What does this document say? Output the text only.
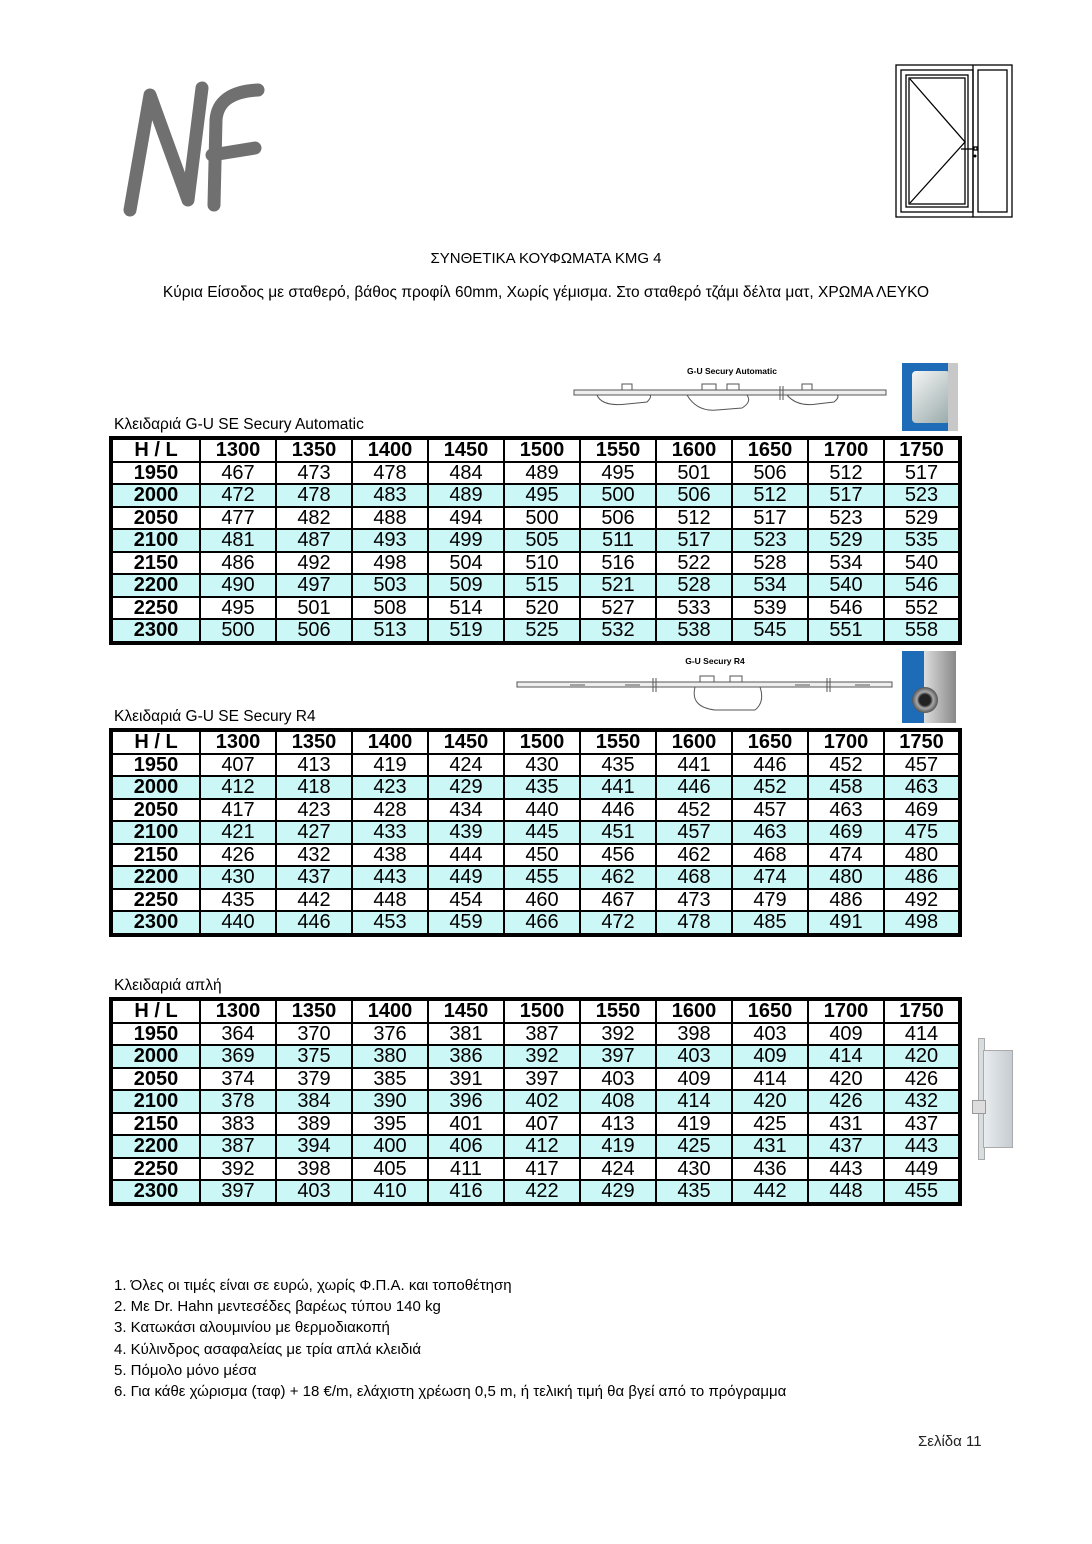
ΣΥΝΘΕΤΙΚΑ ΚΟΥΦΩΜΑΤΑ KMG 4
Κύρια Είσοδος με σταθερό, βάθος προφίλ 60mm, Χωρίς γέμισμα. Στο σταθερό τζάμι δέλτα ματ, ΧΡΩΜΑ ΛΕΥΚΟ
G-U Secury Automatic
Κλειδαριά G-U SE Secury Automatic
H / L	1300	1350	1400	1450	1500	1550	1600	1650	1700	1750
1950	467	473	478	484	489	495	501	506	512	517
2000	472	478	483	489	495	500	506	512	517	523
2050	477	482	488	494	500	506	512	517	523	529
2100	481	487	493	499	505	511	517	523	529	535
2150	486	492	498	504	510	516	522	528	534	540
2200	490	497	503	509	515	521	528	534	540	546
2250	495	501	508	514	520	527	533	539	546	552
2300	500	506	513	519	525	532	538	545	551	558
G-U Secury R4
Κλειδαριά G-U SE Secury R4
H / L	1300	1350	1400	1450	1500	1550	1600	1650	1700	1750
1950	407	413	419	424	430	435	441	446	452	457
2000	412	418	423	429	435	441	446	452	458	463
2050	417	423	428	434	440	446	452	457	463	469
2100	421	427	433	439	445	451	457	463	469	475
2150	426	432	438	444	450	456	462	468	474	480
2200	430	437	443	449	455	462	468	474	480	486
2250	435	442	448	454	460	467	473	479	486	492
2300	440	446	453	459	466	472	478	485	491	498
Κλειδαριά απλή
H / L	1300	1350	1400	1450	1500	1550	1600	1650	1700	1750
1950	364	370	376	381	387	392	398	403	409	414
2000	369	375	380	386	392	397	403	409	414	420
2050	374	379	385	391	397	403	409	414	420	426
2100	378	384	390	396	402	408	414	420	426	432
2150	383	389	395	401	407	413	419	425	431	437
2200	387	394	400	406	412	419	425	431	437	443
2250	392	398	405	411	417	424	430	436	443	449
2300	397	403	410	416	422	429	435	442	448	455
1. Όλες οι τιμές είναι σε ευρώ, χωρίς Φ.Π.Α. και τοποθέτηση
2. Με Dr. Hahn μεντεσέδες βαρέως τύπου 140 kg
3. Κατωκάσι αλουμινίου με θερμοδιακοπή
4. Κύλινδρος ασαφαλείας με τρία απλά κλειδιά
5. Πόμολο μόνο μέσα
6. Για κάθε χώρισμα (ταφ) + 18 €/m, ελάχιστη χρέωση 0,5 m, ή τελική τιμή θα βγεί από το πρόγραμμα
Σελίδα 11
